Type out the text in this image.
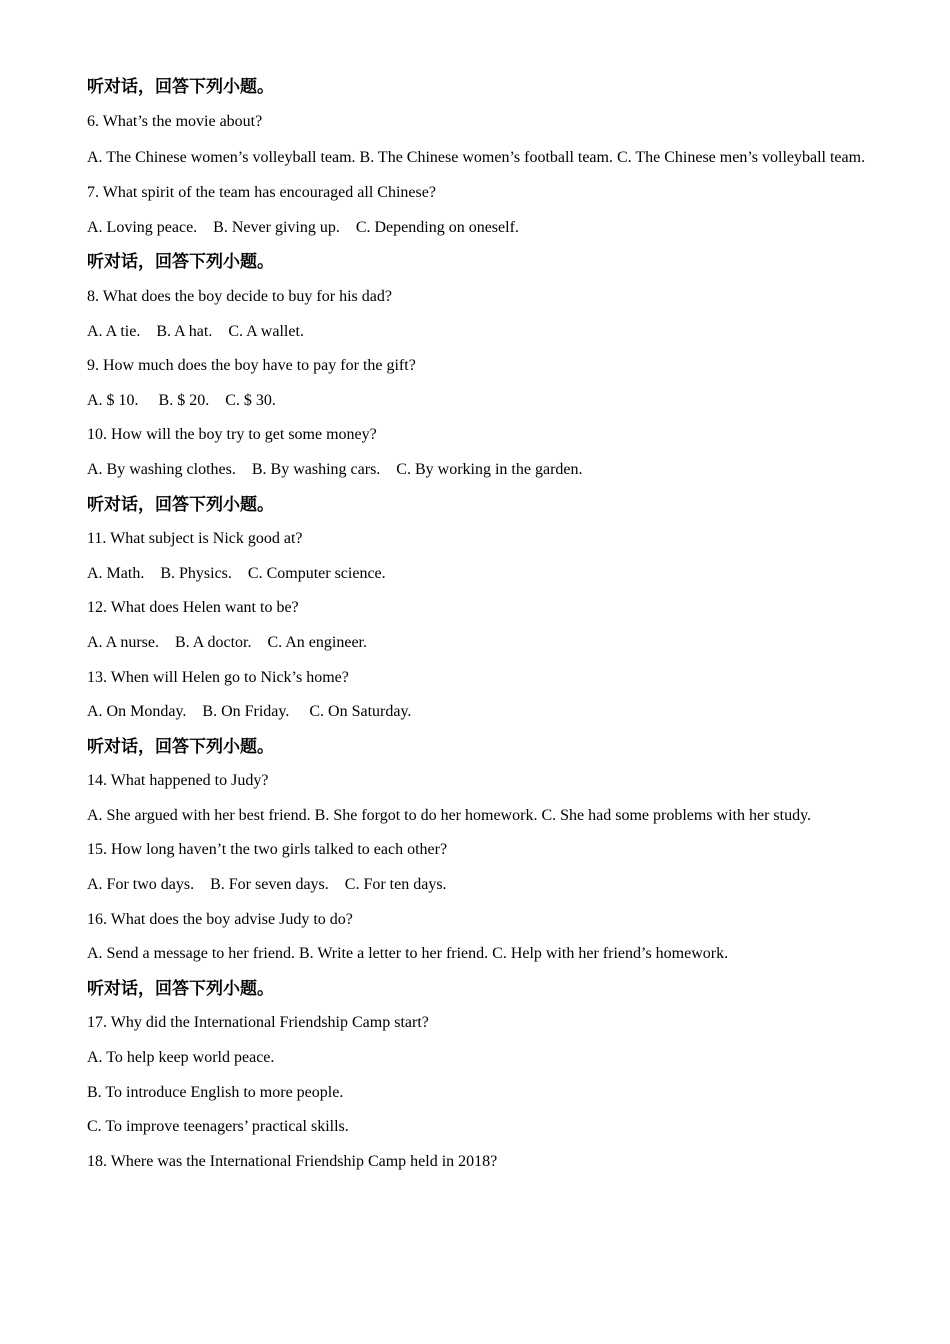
听对话，回答下列小题。
6. What’s the movie about?
A. The Chinese women’s volleyball team. B. The Chinese women’s football team. C. The Chinese men’s volleyball team.
7. What spirit of the team has encouraged all Chinese?
A. Loving peace.    B. Never giving up.    C. Depending on oneself.
听对话，回答下列小题。
8. What does the boy decide to buy for his dad?
A. A tie.    B. A hat.    C. A wallet.
9. How much does the boy have to pay for the gift?
A. $ 10.     B. $ 20.    C. $ 30.
10. How will the boy try to get some money?
A. By washing clothes.    B. By washing cars.    C. By working in the garden.
听对话，回答下列小题。
11. What subject is Nick good at?
A. Math.    B. Physics.    C. Computer science.
12. What does Helen want to be?
A. A nurse.    B. A doctor.    C. An engineer.
13. When will Helen go to Nick’s home?
A. On Monday.    B. On Friday.     C. On Saturday.
听对话，回答下列小题。
14. What happened to Judy?
A. She argued with her best friend. B. She forgot to do her homework. C. She had some problems with her study.
15. How long haven’t the two girls talked to each other?
A. For two days.    B. For seven days.    C. For ten days.
16. What does the boy advise Judy to do?
A. Send a message to her friend. B. Write a letter to her friend. C. Help with her friend’s homework.
听对话，回答下列小题。
17. Why did the International Friendship Camp start?
A. To help keep world peace.
B. To introduce English to more people.
C. To improve teenagers’ practical skills.
18. Where was the International Friendship Camp held in 2018?
